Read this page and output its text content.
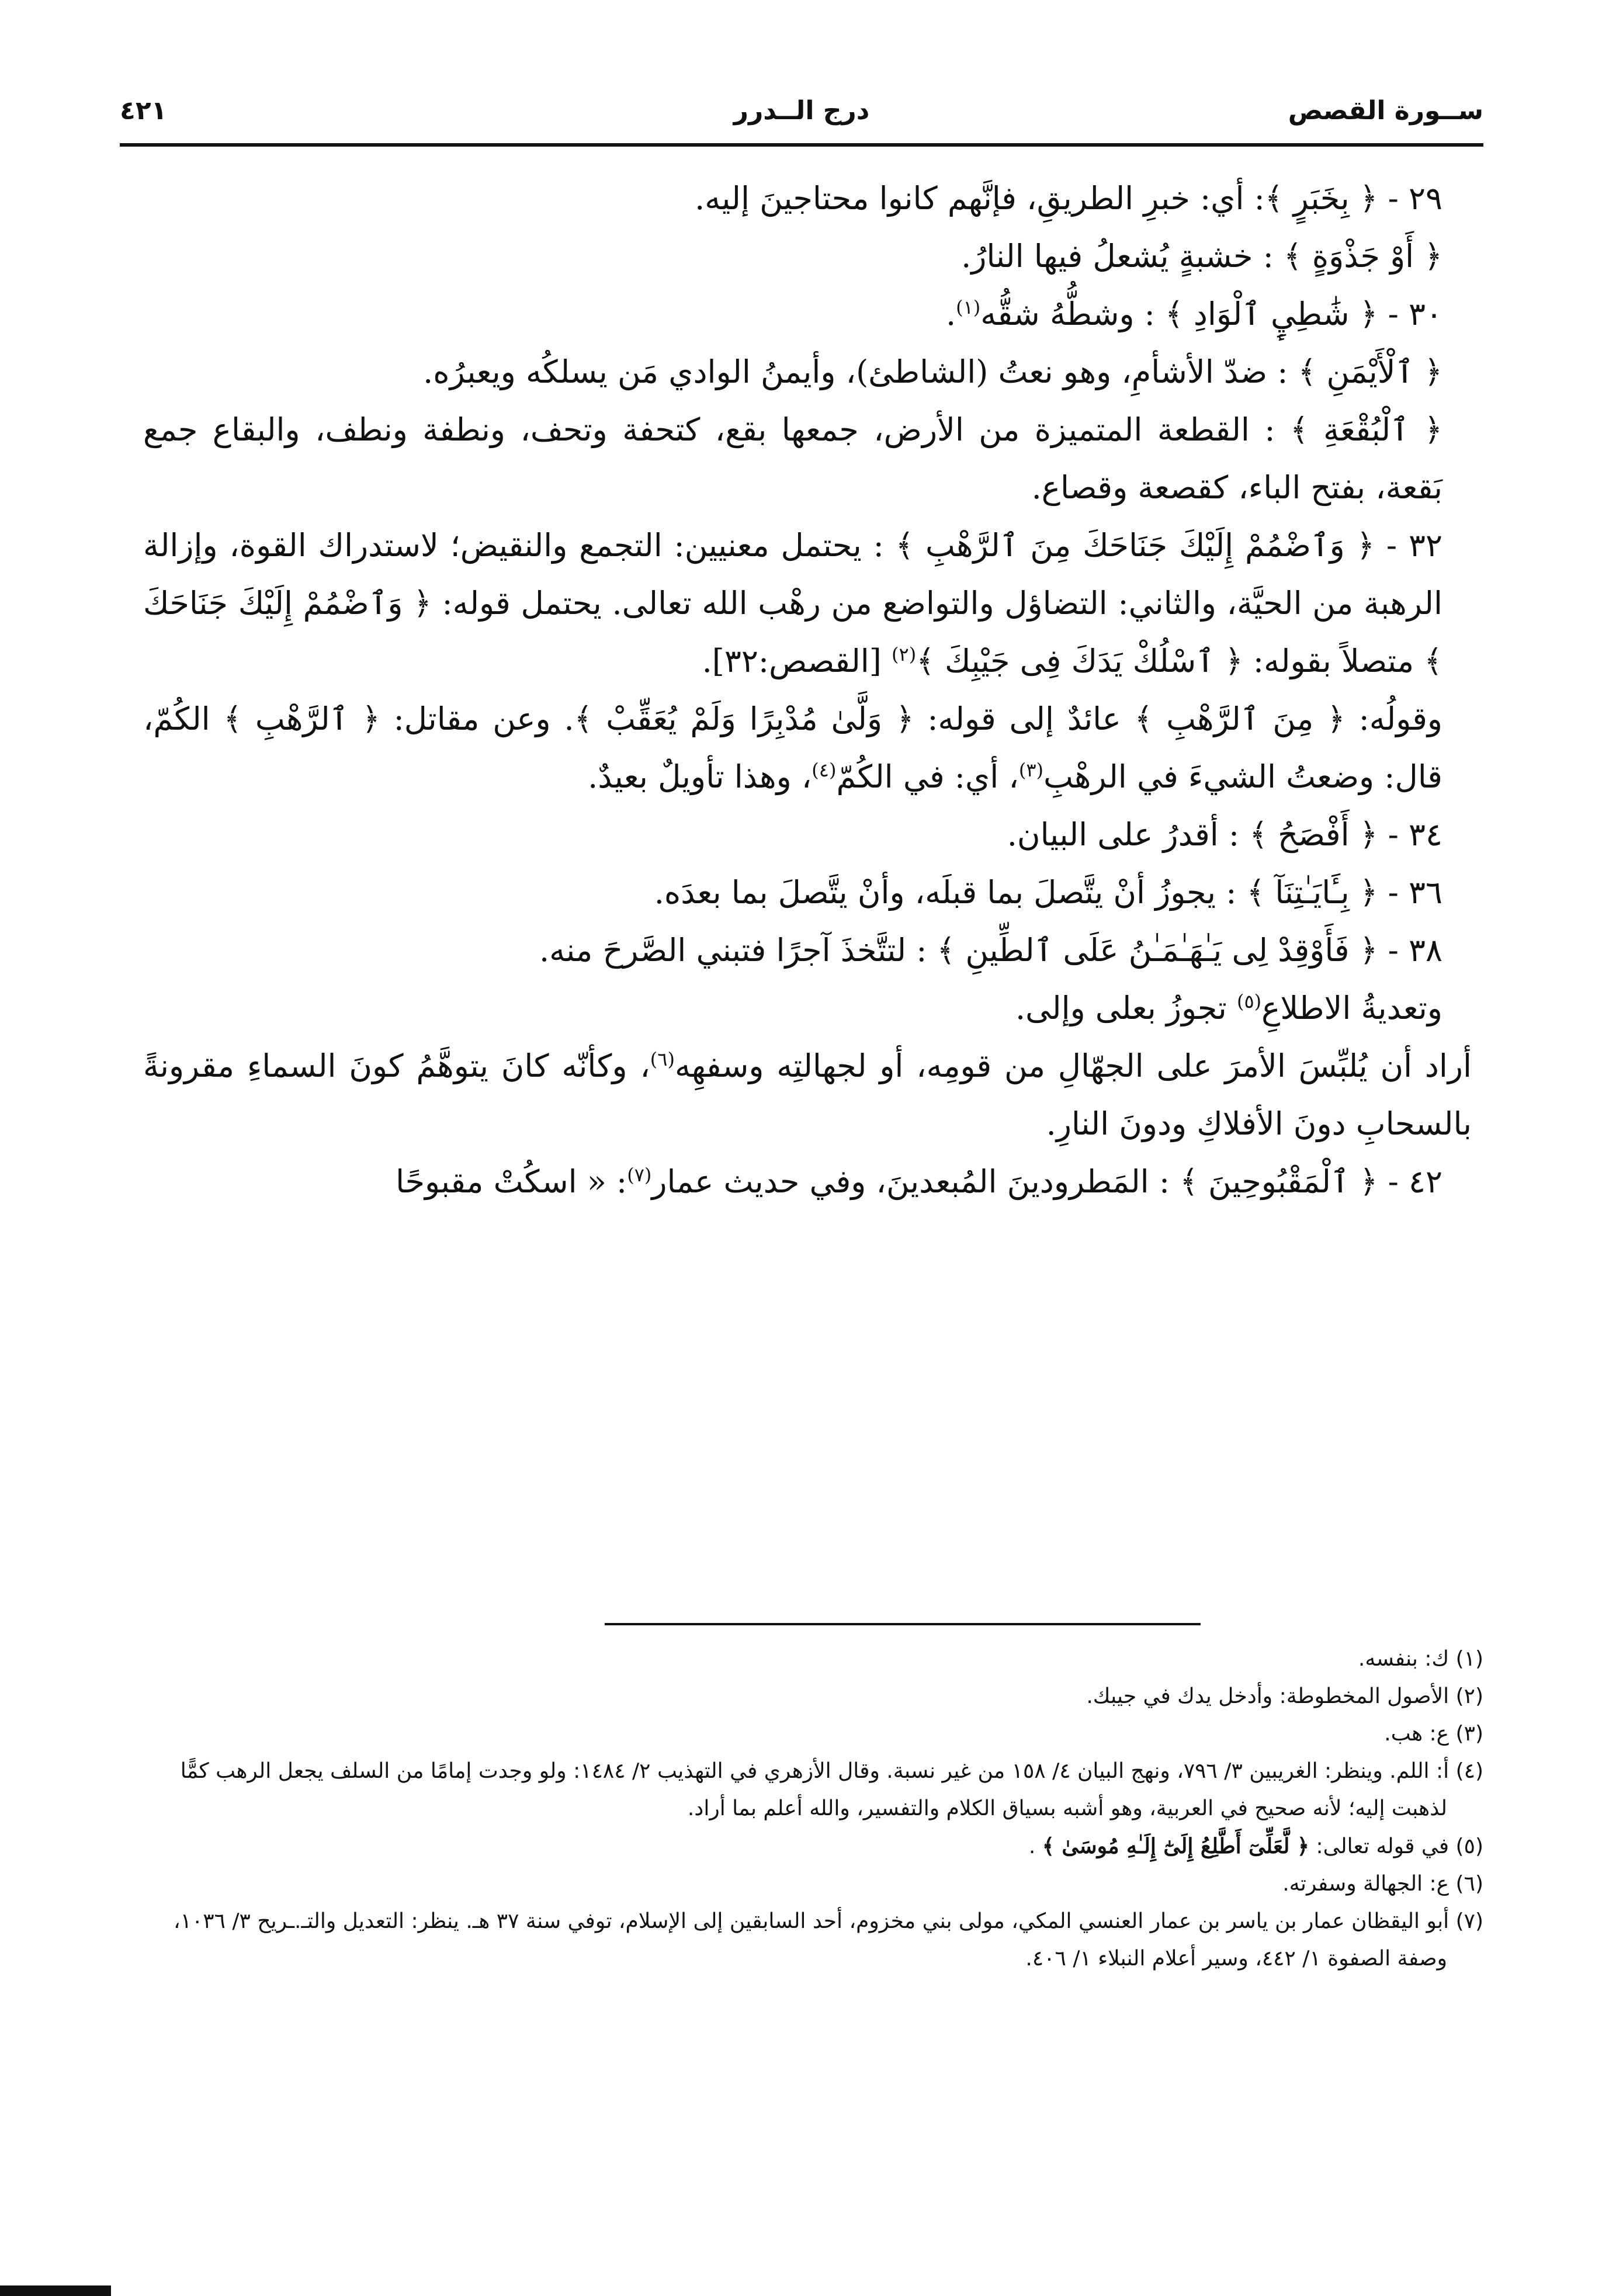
ســورة القصص
درج الــدرر
٤٢١

٢٩ - ﴿ بِخَبَرٍ ﴾: أي: خبرِ الطريقِ، فإنَّهم كانوا محتاجينَ إليه.

﴿ أَوْ جَذْوَةٍ ﴾ : خشبةٍ يُشعلُ فيها النارُ.

٣٠ - ﴿ شَٰطِيِٕ ٱلْوَادِ ﴾ : وشطُّهُ شقُّه$^{(١)}$.

﴿ ٱلْأَيْمَنِ ﴾ : ضدّ الأشأمِ، وهو نعتُ (الشاطئ)، وأيمنُ الوادي مَن يسلكُه ويعبرُه.

﴿ ٱلْبُقْعَةِ ﴾ : القطعة المتميزة من الأرض، جمعها بقع، كتحفة وتحف، ونطفة ونطف، والبقاع جمع بَقعة، بفتح الباء، كقصعة وقصاع.

٣٢ - ﴿ وَٱضْمُمْ إِلَيْكَ جَنَاحَكَ مِنَ ٱلرَّهْبِ ﴾ : يحتمل معنيين: التجمع والنقيض؛ لاستدراك القوة، وإزالة الرهبة من الحيَّة، والثاني: التضاؤل والتواضع من رهْب الله تعالى. يحتمل قوله: ﴿ وَٱضْمُمْ إِلَيْكَ جَنَاحَكَ ﴾ متصلاً بقوله: ﴿ ٱسْلُكْ يَدَكَ فِى جَيْبِكَ ﴾$^{(٢)}$ [القصص:٣٢].

وقولُه: ﴿ مِنَ ٱلرَّهْبِ ﴾ عائدٌ إلى قوله: ﴿ وَلَّىٰ مُدْبِرًا وَلَمْ يُعَقِّبْ ﴾. وعن مقاتل: ﴿ ٱلرَّهْبِ ﴾ الكُمّ، قال: وضعتُ الشيءَ في الرهْبِ$^{(٣)}$، أي: في الكُمّ$^{(٤)}$، وهذا تأويلٌ بعيدٌ.

٣٤ - ﴿ أَفْصَحُ ﴾ : أقدرُ على البيان.

٣٦ - ﴿ بِـَٔايَـٰتِنَآ ﴾ : يجوزُ أنْ يتَّصلَ بما قبلَه، وأنْ يتَّصلَ بما بعدَه.

٣٨ - ﴿ فَأَوْقِدْ لِى يَـٰهَـٰمَـٰنُ عَلَى ٱلطِّينِ ﴾ : لتتَّخذَ آجرًا فتبني الصَّرحَ منه.

وتعديةُ الاطلاعِ$^{(٥)}$ تجوزُ بعلى وإلى.

أراد أن يُلبِّسَ الأمرَ على الجهّالِ من قومِه، أو لجهالتِه وسفهِه$^{(٦)}$، وكأنّه كانَ يتوهَّمُ كونَ السماءِ مقرونةً بالسحابِ دونَ الأفلاكِ ودونَ النارِ.

٤٢ - ﴿ ٱلْمَقْبُوحِينَ ﴾ : المَطرودينَ المُبعدينَ، وفي حديث عمار$^{(٧)}$: « اسكُتْ مقبوحًا

(١) ك: بنفسه.

(٢) الأصول المخطوطة: وأدخل يدك في جيبك.

(٣) ع: هب.

(٤) أ: اللم. وينظر: الغريبين ٣/ ٧٩٦، ونهج البيان ٤/ ١٥٨ من غير نسبة. وقال الأزهري في التهذيب ٢/ ١٤٨٤: ولو وجدت إمامًا من السلف يجعل الرهب كمًّا لذهبت إليه؛ لأنه صحيح في العربية، وهو أشبه بسياق الكلام والتفسير، والله أعلم بما أراد.

(٥) في قوله تعالى: ﴿ لَّعَلِّىٓ أَطَّلِعُ إِلَىٰٓ إِلَـٰهِ مُوسَىٰ ﴾ .

(٦) ع: الجهالة وسفرته.

(٧) أبو اليقظان عمار بن ياسر بن عمار العنسي المكي، مولى بني مخزوم، أحد السابقين إلى الإسلام، توفي سنة ٣٧ هـ. ينظر: التعديل والتـ.ـريح ٣/ ١٠٣٦، وصفة الصفوة ١/ ٤٤٢، وسير أعلام النبلاء ١/ ٤٠٦.
